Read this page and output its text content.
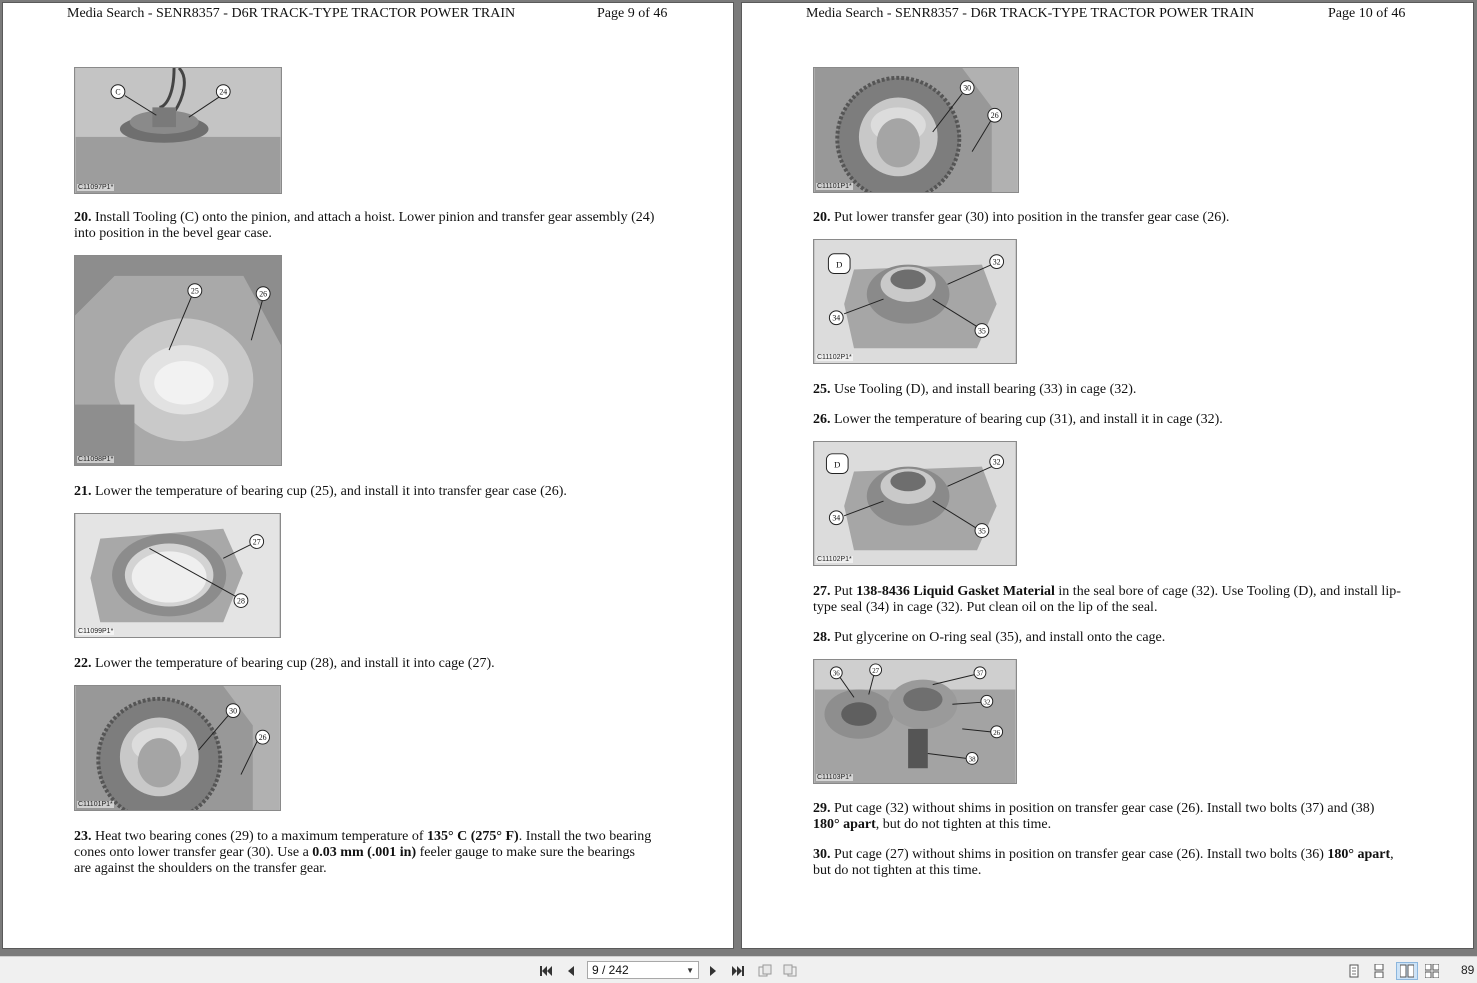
Media Search - SENR8357 - D6R TRACK-TYPE TRACTOR POWER TRAIN	Page 9 of 46
C	24
C11097P1*
20. Install Tooling (C) onto the pinion, and attach a hoist. Lower pinion and transfer gear assembly (24) into position in the bevel gear case.
25	26
C11098P1*
21. Lower the temperature of bearing cup (25), and install it into transfer gear case (26).
27
28
C11099P1*
22. Lower the temperature of bearing cup (28), and install it into cage (27).
30
26
C11101P1*
23. Heat two bearing cones (29) to a maximum temperature of 135° C (275° F). Install the two bearing cones onto lower transfer gear (30). Use a 0.03 mm (.001 in) feeler gauge to make sure the bearings are against the shoulders on the transfer gear.
Media Search - SENR8357 - D6R TRACK-TYPE TRACTOR POWER TRAIN	Page 10 of 46
30
26
C11101P1*
20. Put lower transfer gear (30) into position in the transfer gear case (26).
D	32
34
35
C11102P1*
25. Use Tooling (D), and install bearing (33) in cage (32).
26. Lower the temperature of bearing cup (31), and install it in cage (32).
D	32
34
35
C11102P1*
27. Put 138-8436 Liquid Gasket Material in the seal bore of cage (32). Use Tooling (D), and install lip-type seal (34) in cage (32). Put clean oil on the lip of the seal.
28. Put glycerine on O-ring seal (35), and install onto the cage.
36	27	37
32
26
38
C11103P1*
29. Put cage (32) without shims in position on transfer gear case (26). Install two bolts (37) and (38) 180° apart, but do not tighten at this time.
30. Put cage (27) without shims in position on transfer gear case (26). Install two bolts (36) 180° apart, but do not tighten at this time.
9 / 242	▼	89
